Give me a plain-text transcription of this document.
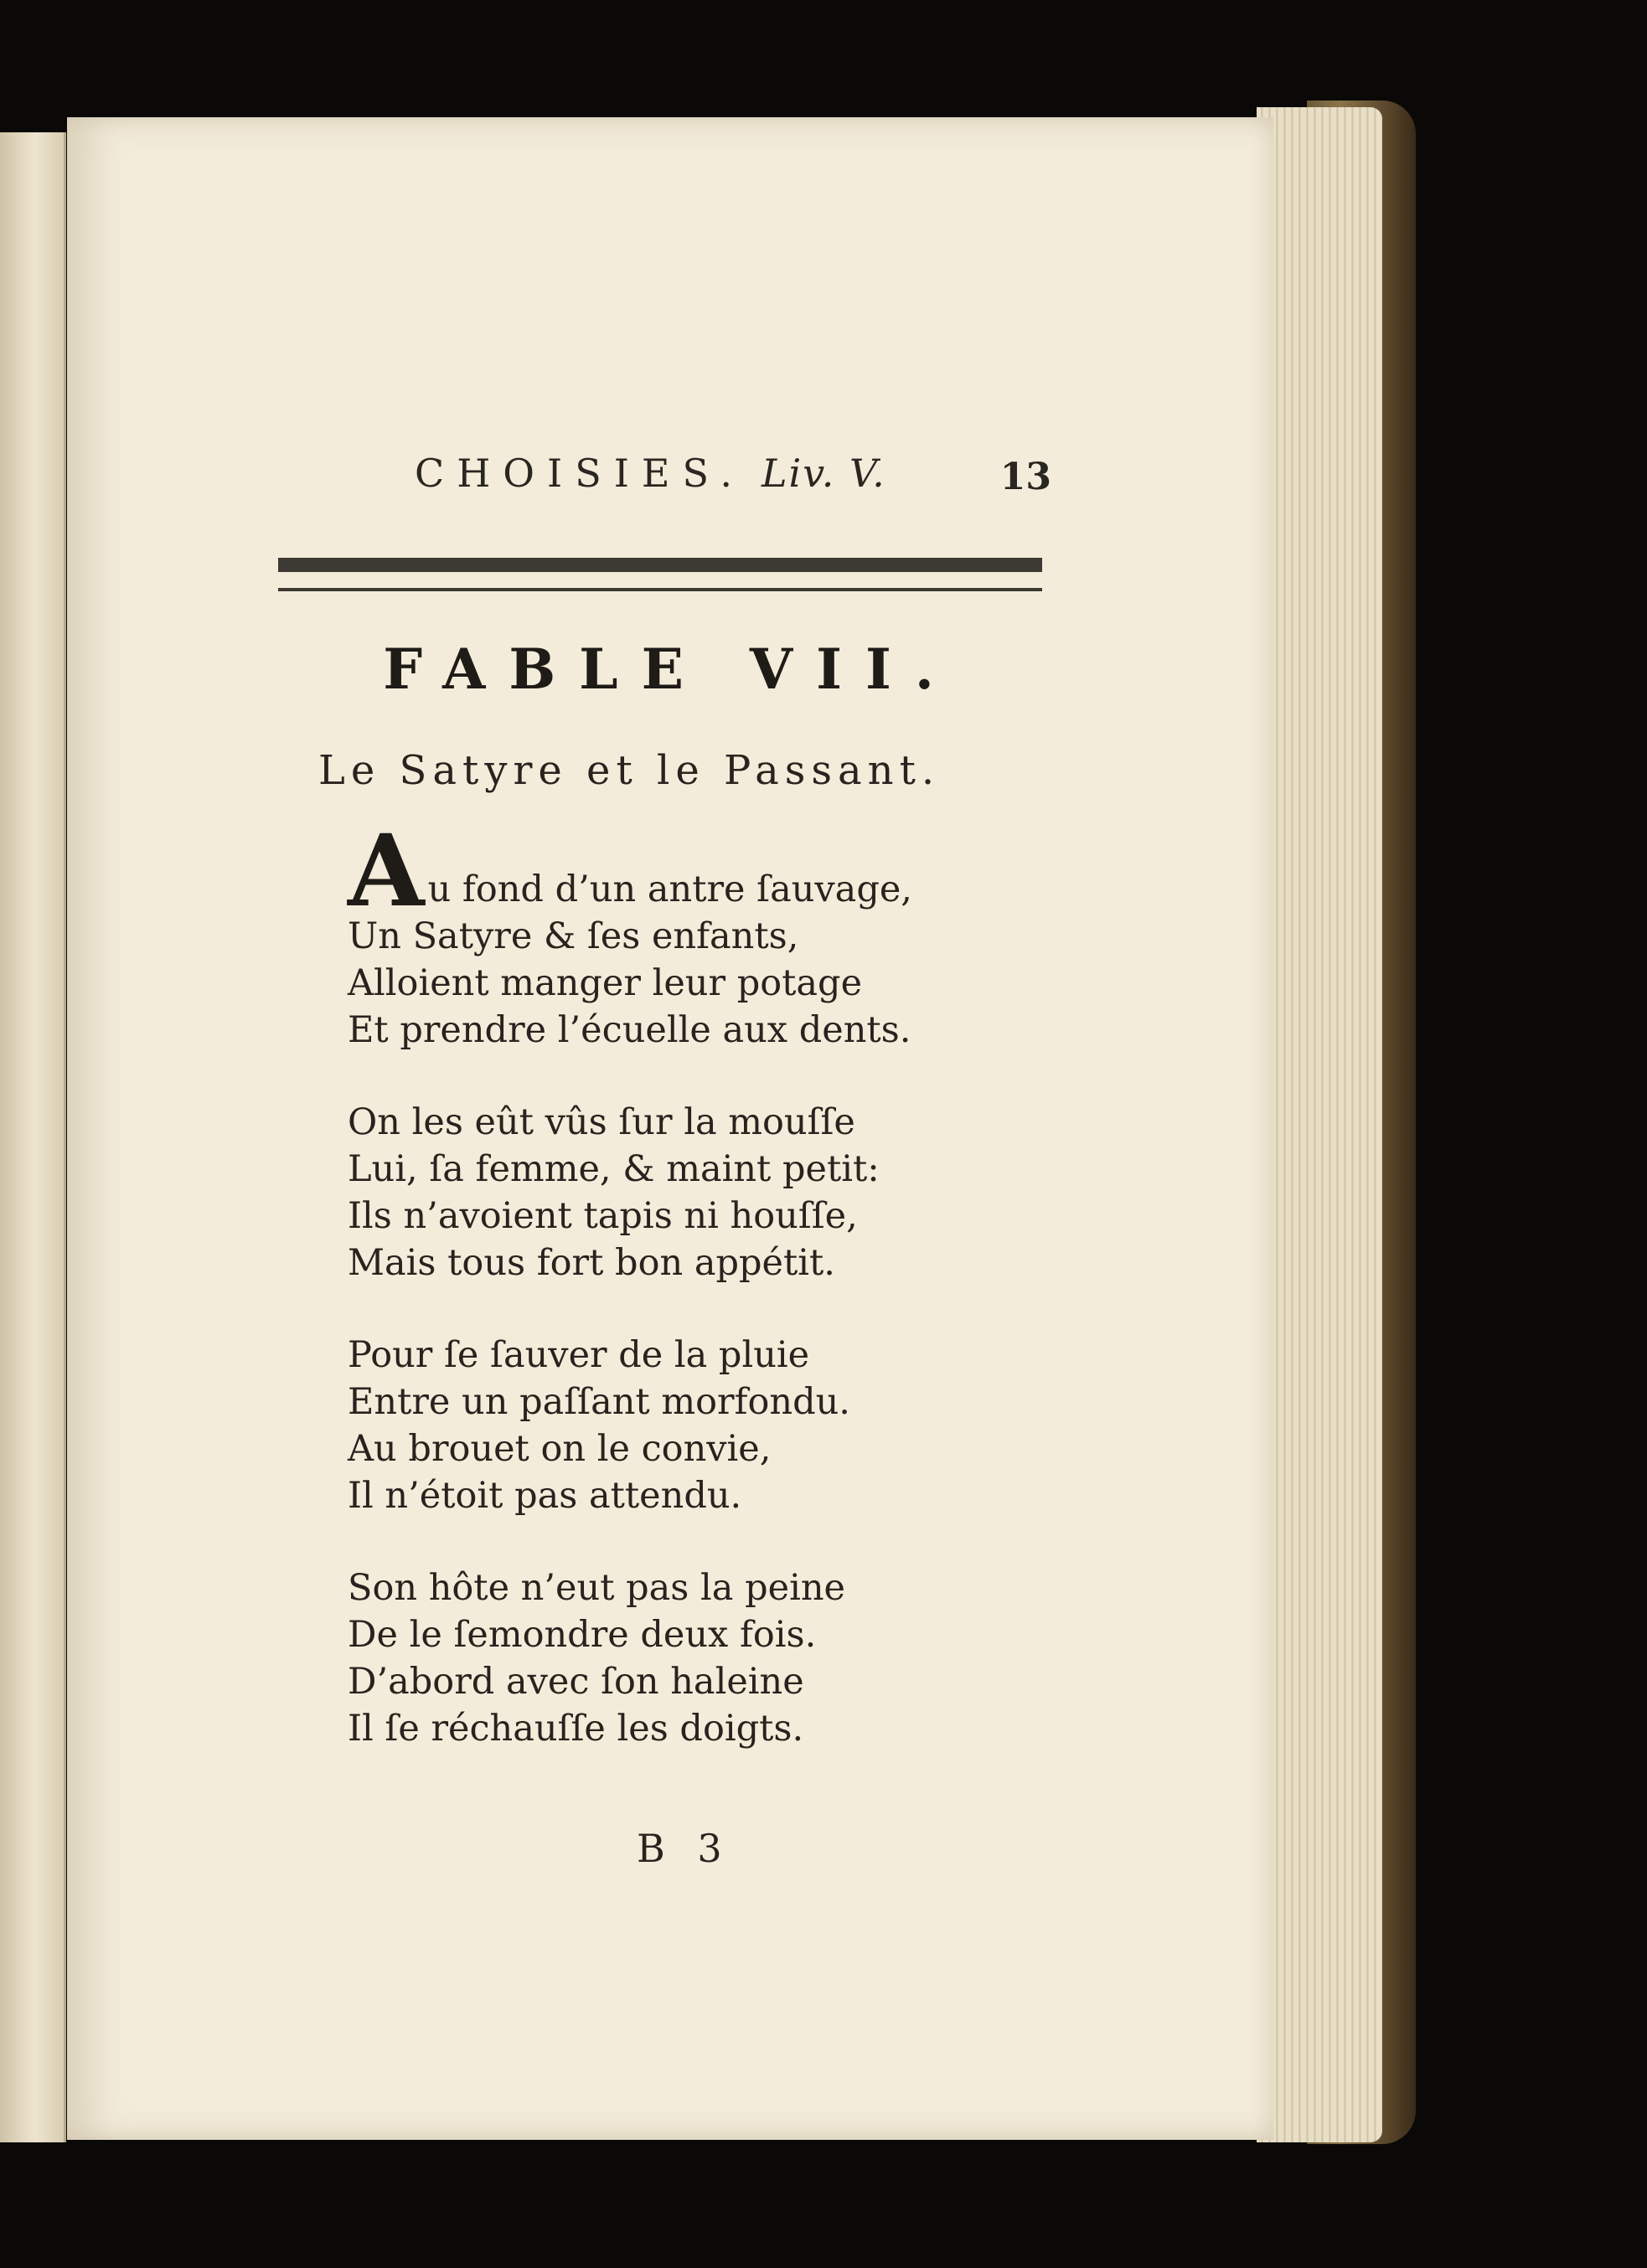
CHOISIES. Liv. V.	13
FABLE VII.
Le Satyre et le Passant.
A u fond d’un antre ſauvage,
Un Satyre & ſes enfants,
Alloient manger leur potage
Et prendre l’écuelle aux dents.
On les eût vûs ſur la mouſſe
Lui, ſa femme, & maint petit:
Ils n’avoient tapis ni houſſe,
Mais tous fort bon appétit.
Pour ſe ſauver de la pluie
Entre un paſſant morfondu.
Au brouet on le convie,
Il n’étoit pas attendu.
Son hôte n’eut pas la peine
De le ſemondre deux fois.
D’abord avec ſon haleine
Il ſe réchauſſe les doigts.
B 3
